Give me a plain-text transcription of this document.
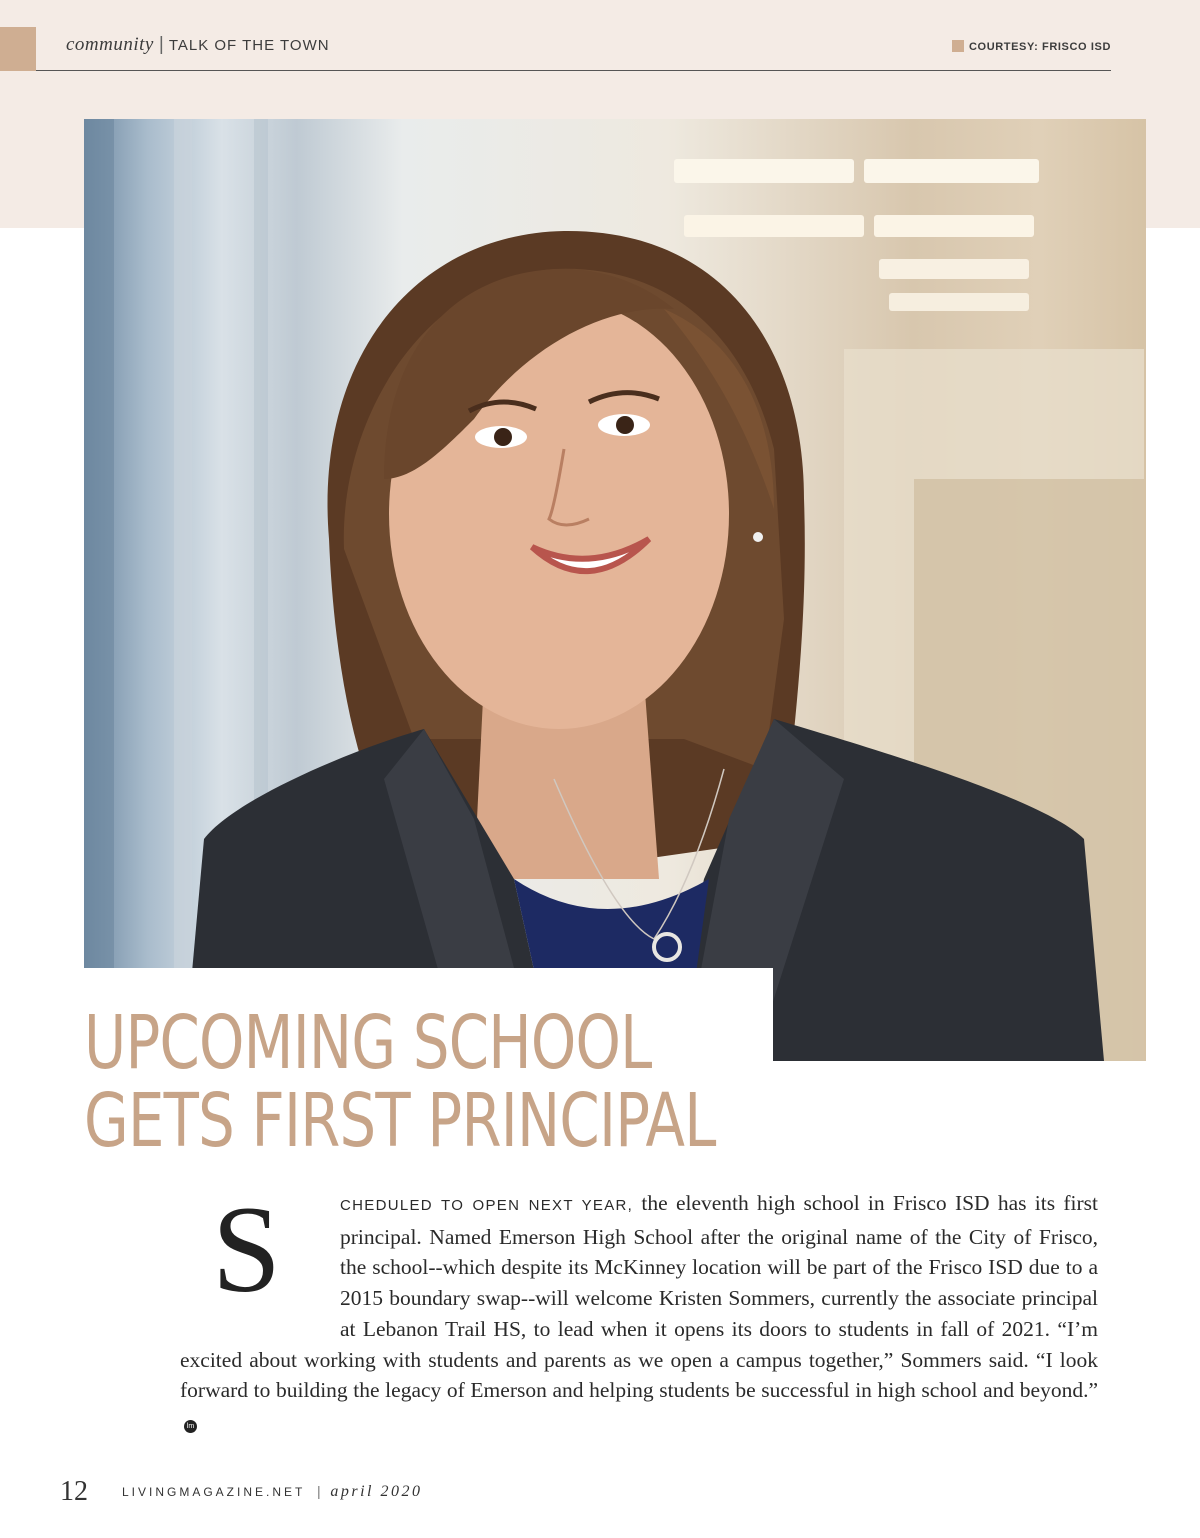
community | TALK OF THE TOWN	COURTESY: FRISCO ISD
UPCOMING SCHOOL
GETS FIRST PRINCIPAL
S	CHEDULED TO OPEN NEXT YEAR, the eleventh high school in Frisco ISD has its first principal. Named Emerson High School after the original name of the City of Frisco, the school--which despite its McKinney location will be part of the Frisco ISD due to a 2015 boundary swap--will welcome Kristen Sommers, currently the associate principal at Lebanon Trail HS, to lead when it opens its doors to students in fall of 2021. “I’m excited about working with students and parents as we open a campus together,” Sommers said. “I look forward to building the legacy of Emerson and helping students be successful in high school and beyond.”lm

12	LIVINGMAGAZINE.NET | april 2020
